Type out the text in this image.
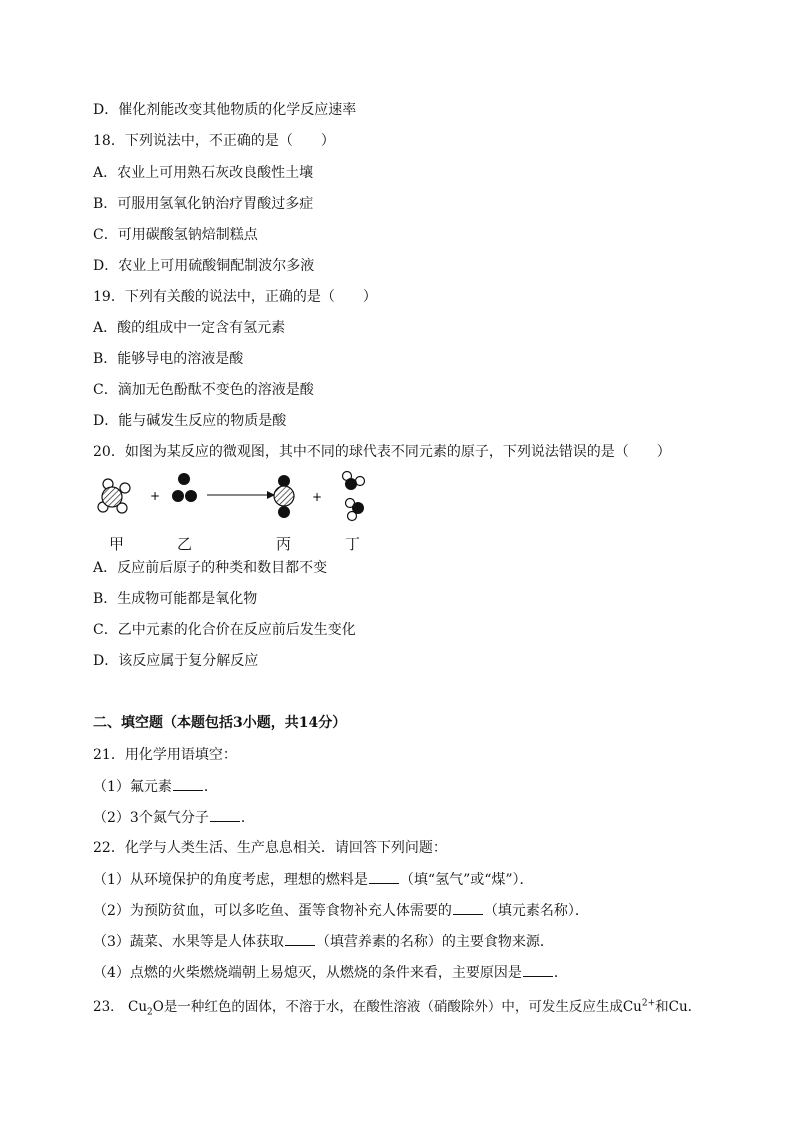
D．催化剂能改变其他物质的化学反应速率
18．下列说法中，不正确的是（　　）
A．农业上可用熟石灰改良酸性土壤
B．可服用氢氧化钠治疗胃酸过多症
C．可用碳酸氢钠焙制糕点
D．农业上可用硫酸铜配制波尔多液
19．下列有关酸的说法中，正确的是（　　）
A．酸的组成中一定含有氢元素
B．能够导电的溶液是酸
C．滴加无色酚酞不变色的溶液是酸
D．能与碱发生反应的物质是酸
20．如图为某反应的微观图，其中不同的球代表不同元素的原子，下列说法错误的是（　　）
+	+
甲	乙	丙	丁
A．反应前后原子的种类和数目都不变
B．生成物可能都是氧化物
C．乙中元素的化合价在反应前后发生变化
D．该反应属于复分解反应
二、填空题（本题包括3小题，共14分）
21．用化学用语填空：
（1）氟元素 ．
（2）3个氮气分子 ．
22．化学与人类生活、生产息息相关．请回答下列问题：
（1）从环境保护的角度考虑，理想的燃料是 （填“氢气”或“煤”）．
（2）为预防贫血，可以多吃鱼、蛋等食物补充人体需要的 （填元素名称）．
（3）蔬菜、水果等是人体获取 （填营养素的名称）的主要食物来源．
（4）点燃的火柴燃烧端朝上易熄灭，从燃烧的条件来看，主要原因是 ．
23． $Cu_2O$是一种红色的固体，不溶于水，在酸性溶液（硝酸除外）中，可发生反应生成$Cu^{2+}$和Cu.
